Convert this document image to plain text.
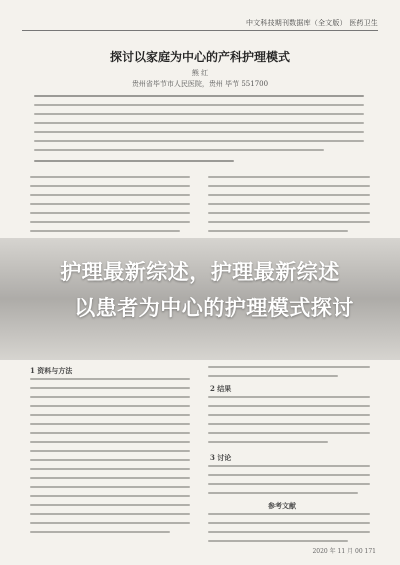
中文科技期刊数据库（全文版） 医药卫生
探讨以家庭为中心的产科护理模式
熊 红
贵州省毕节市人民医院，贵州 毕节 551700
护理最新综述，护理最新综述
以患者为中心的护理模式探讨
1 资料与方法
2 结果
3 讨论
参考文献
2020 年 11 月 00 171
